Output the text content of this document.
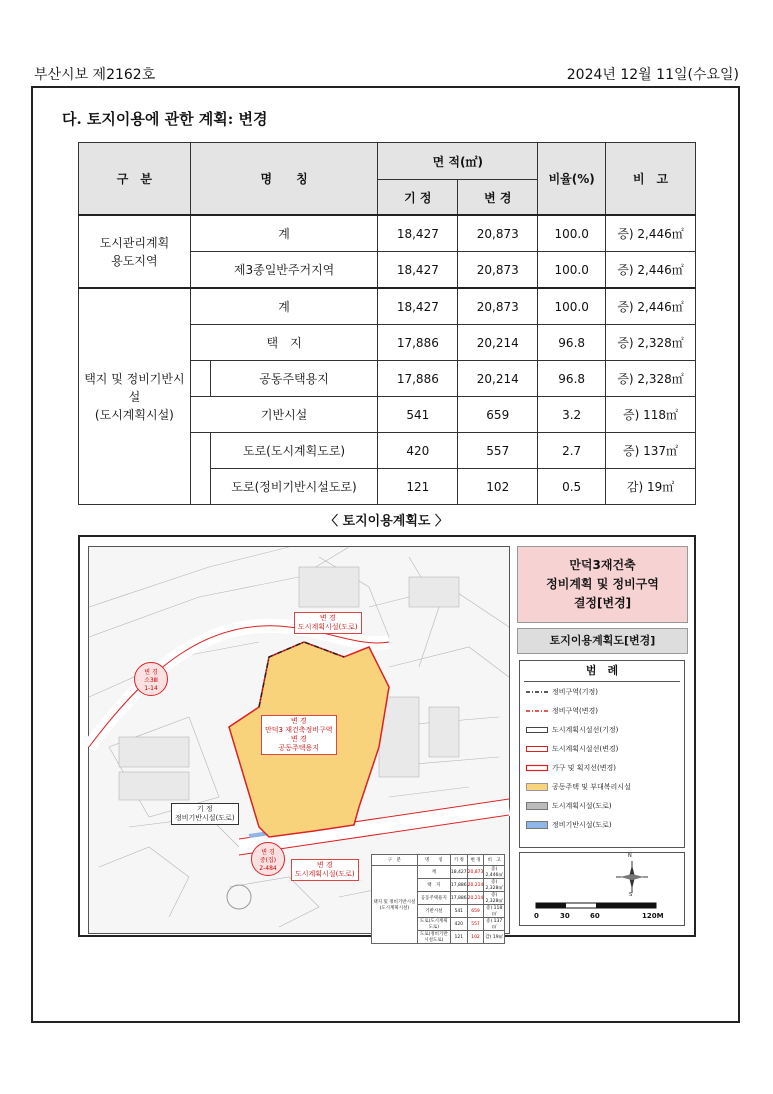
부산시보 제2162호	2024년 12월 11일(수요일)
다. 토지이용에 관한 계획: 변경
구　분	명　　칭		면 적(㎡)		비율(%)	비　고
			기 정	변 경		
도시관리계획
용도지역	계		18,427	20,873	100.0	증) 2,446㎡
	제3종일반주거지역		18,427	20,873	100.0	증) 2,446㎡
택지 및 정비기반시설
(도시계획시설)	계		18,427	20,873	100.0	증) 2,446㎡
	택　지		17,886	20,214	96.8	증) 2,328㎡
		공동주택용지	17,886	20,214	96.8	증) 2,328㎡
	기반시설		541	659	3.2	증) 118㎡
		도로(도시계획도로)	420	557	2.7	증) 137㎡
		도로(정비기반시설도로)	121	102	0.5	감) 19㎡
〈 토지이용계획도 〉
변 경
도시계획시설(도로)
변 경
소3Ⅲ
1-14
변 경
만덕3 재건축정비구역
변 경
공동주택용지
기 정
정비기반시설(도로)
변 경
중(집)
2-484	변 경
도시계획시설(도로)
구　분	명　　칭	기 정	변 경	비　고
택지 및 정비기반시설 (도시계획시설)	계	18,427	20,873	증) 2,446㎡
	택　지	17,886	20,214	증) 2,328㎡
	공동주택용지	17,886	20,214	증) 2,328㎡
	기반시설	541	659	증) 118㎡
	도로(도시계획도로)	420	557	증) 137㎡
	도로(정비기반시설도로)	121	102	감) 19㎡
만덕3재건축
정비계획 및 정비구역
결정[변경]
토지이용계획도[변경]
범　례
정비구역(기정)
정비구역(변경)
도시계획시설선(기정)
도시계획시설선(변경)
가구 및 획지선(변경)
공동주택 및 부대복리시설
도시계획시설(도로)
정비기반시설(도로)
N
S
0	30	60	120M
